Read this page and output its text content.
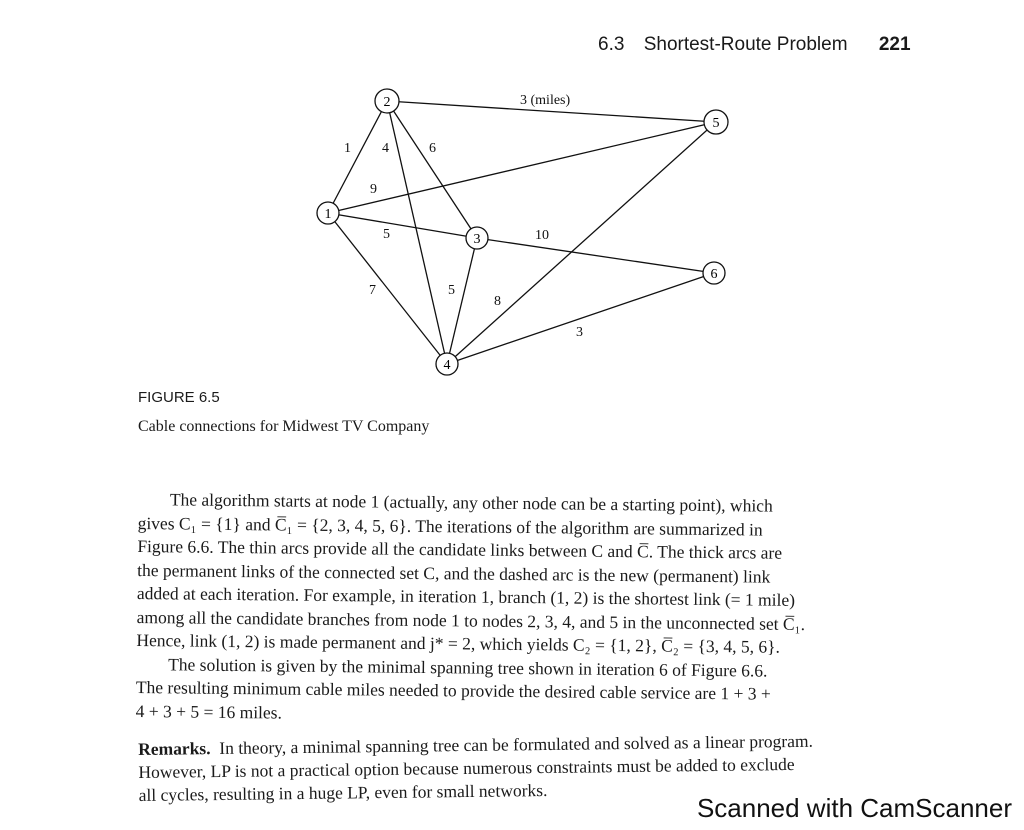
6.3 Shortest-Route Problem 221
1
2
3
4
5
6
1 4	6
9
5
3 (miles)
10
7	5
8
3
FIGURE 6.5
Cable connections for Midwest TV Company

The algorithm starts at node 1 (actually, any other node can be a starting point), which

gives C₁ = {1} and C̅₁ = {2, 3, 4, 5, 6}. The iterations of the algorithm are summarized in

Figure 6.6. The thin arcs provide all the candidate links between C and C̅. The thick arcs are

the permanent links of the connected set C, and the dashed arc is the new (permanent) link

added at each iteration. For example, in iteration 1, branch (1, 2) is the shortest link (= 1 mile)

among all the candidate branches from node 1 to nodes 2, 3, 4, and 5 in the unconnected set C̅₁.

Hence, link (1, 2) is made permanent and j* = 2, which yields C₂ = {1, 2}, C̅₂ = {3, 4, 5, 6}.

The solution is given by the minimal spanning tree shown in iteration 6 of Figure 6.6.

The resulting minimum cable miles needed to provide the desired cable service are 1 + 3 +

4 + 3 + 5 = 16 miles.

Remarks. In theory, a minimal spanning tree can be formulated and solved as a linear program.

However, LP is not a practical option because numerous constraints must be added to exclude

all cycles, resulting in a huge LP, even for small networks.

Scanned with CamScanner
